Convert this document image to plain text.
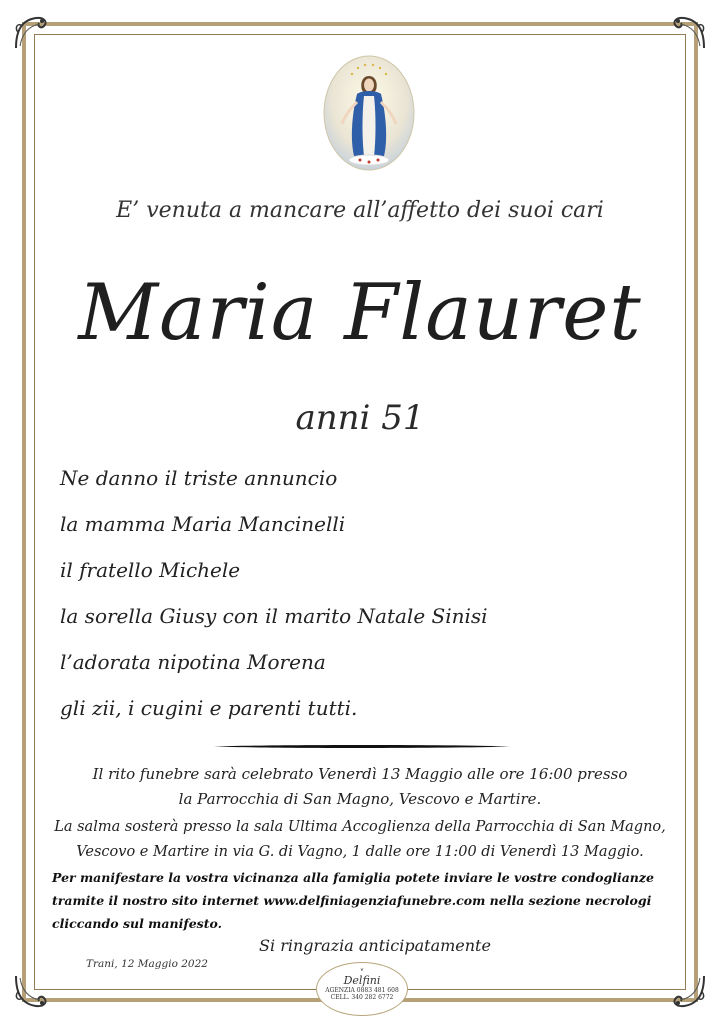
E’ venuta a mancare all’affetto dei suoi cari
Maria Flauret
anni 51
Ne danno il triste annuncio
la mamma Maria Mancinelli
il fratello Michele
la sorella Giusy con il marito Natale Sinisi
l’adorata nipotina Morena
gli zii, i cugini e parenti tutti.
Il rito funebre sarà celebrato Venerdì 13 Maggio alle ore 16:00 presso
la Parrocchia di San Magno, Vescovo e Martire.
La salma sosterà presso la sala Ultima Accoglienza della Parrocchia di San Magno,
Vescovo e Martire in via G. di Vagno, 1 dalle ore 11:00 di Venerdì 13 Maggio.
Per manifestare la vostra vicinanza alla famiglia potete inviare le vostre condoglianze
tramite il nostro sito internet www.delfiniagenziafunebre.com nella sezione necrologi
cliccando sul manifesto.
Si ringrazia anticipatamente
Trani, 12 Maggio 2022
❦
Delfini
AGENZIA 0883 481 608
CELL. 340 282 6772
